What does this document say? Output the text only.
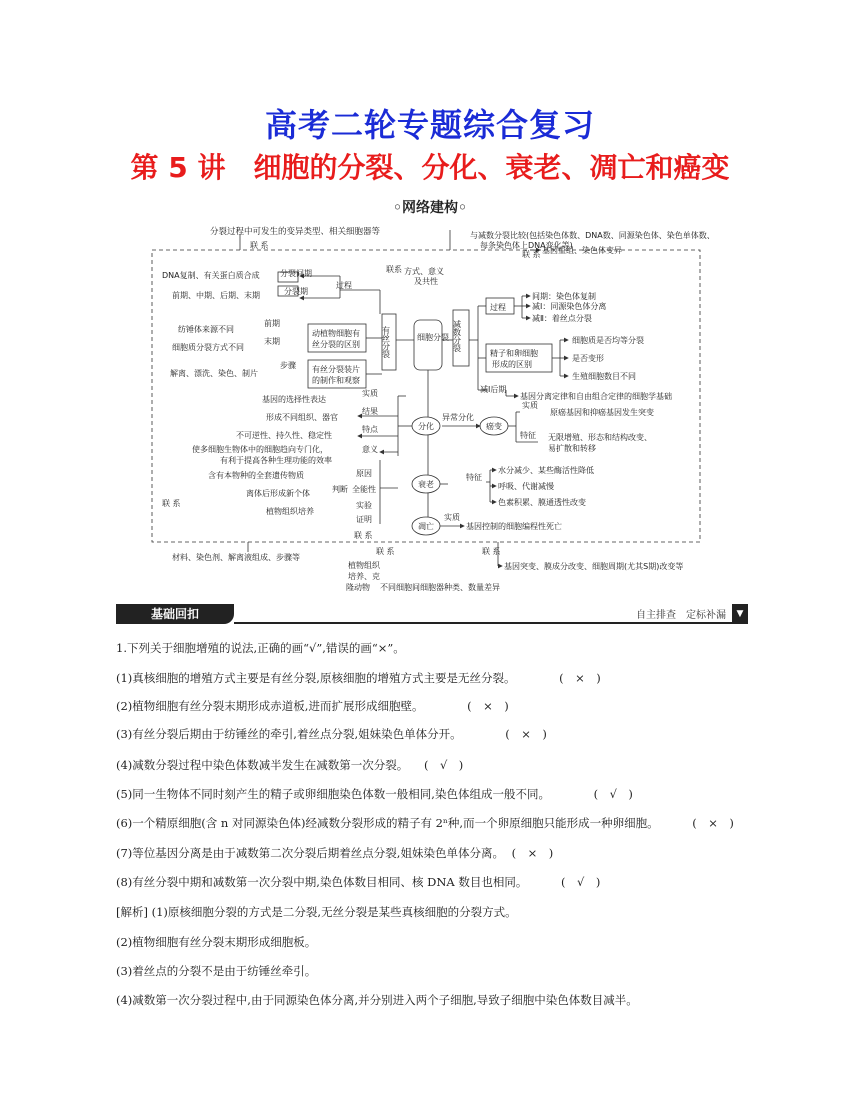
高考二轮专题综合复习
第 5 讲　细胞的分裂、分化、衰老、凋亡和癌变
◦网络建构◦
分裂过程中可发生的变异类型、相关细胞器等	与减数分裂比较(包括染色体数、DNA数、同源染色体、染色单体数、
每条染色体上DNA变化等)
联 系
联 系 基因重组、染色体变异
分裂间期
DNA复制、有关蛋白质合成
分裂期
前期、中期、后期、末期
过程
联系 方式、意义
及共性
前期
纺锤体来源不同
末期
细胞质分裂方式不同
动植物细胞有
丝分裂的区别	有丝分裂	细胞分裂 减数分裂
步骤
解离、漂洗、染色、制片	有丝分裂装片
的制作和观察
过程
间期：染色体复制
减Ⅰ：同源染色体分离
减Ⅱ：着丝点分裂
精子和卵细胞
形成的区别
细胞质是否均等分裂
是否变形
生殖细胞数目不同
减Ⅰ后期
基因分离定律和自由组合定律的细胞学基础
实质
基因的选择性表达
结果
形成不同组织、器官
特点
不可逆性、持久性、稳定性
意义
使多细胞生物体中的细胞趋向专门化，
有利于提高各种生理功能的效率
分化
异常分化
癌变
实质
原癌基因和抑癌基因发生突变
特征 无限增殖、形态和结构改变、
易扩散和转移
含有本物种的全套遗传物质	原因
判断 全能性
离体后形成新个体
实验
植物组织培养
证明
联 系
衰老
特征
水分减少、某些酶活性降低
呼吸、代谢减慢
色素积累、膜通透性改变
凋亡
实质
基因控制的细胞编程性死亡
联 系
联 系	联 系
材料、染色剂、解离液组成、步骤等
植物组织
培养、克
隆动物 不同细胞间细胞器种类、数量差异
基因突变、膜成分改变、细胞周期(尤其S期)改变等
基础回扣	自主排查　定标补漏	▼
1.下列关于细胞增殖的说法,正确的画“√”,错误的画“×”。
(1)真核细胞的增殖方式主要是有丝分裂,原核细胞的增殖方式主要是无丝分裂。	(　×　)
(2)植物细胞有丝分裂末期形成赤道板,进而扩展形成细胞壁。	(　×　)
(3)有丝分裂后期由于纺锤丝的牵引,着丝点分裂,姐妹染色单体分开。	(　×　)
(4)减数分裂过程中染色体数减半发生在减数第一次分裂。 (　√　)
(5)同一生物体不同时刻产生的精子或卵细胞染色体数一般相同,染色体组成一般不同。	(　√　)
(6)一个精原细胞(含 n 对同源染色体)经减数分裂形成的精子有 2ⁿ种,而一个卵原细胞只能形成一种卵细胞。	(　×　)
(7)等位基因分离是由于减数第二次分裂后期着丝点分裂,姐妹染色单体分离。 (　×　)
(8)有丝分裂中期和减数第一次分裂中期,染色体数目相同、核 DNA 数目也相同。	(　√　)
[解析] (1)原核细胞分裂的方式是二分裂,无丝分裂是某些真核细胞的分裂方式。
(2)植物细胞有丝分裂末期形成细胞板。
(3)着丝点的分裂不是由于纺锤丝牵引。
(4)减数第一次分裂过程中,由于同源染色体分离,并分别进入两个子细胞,导致子细胞中染色体数目减半。
